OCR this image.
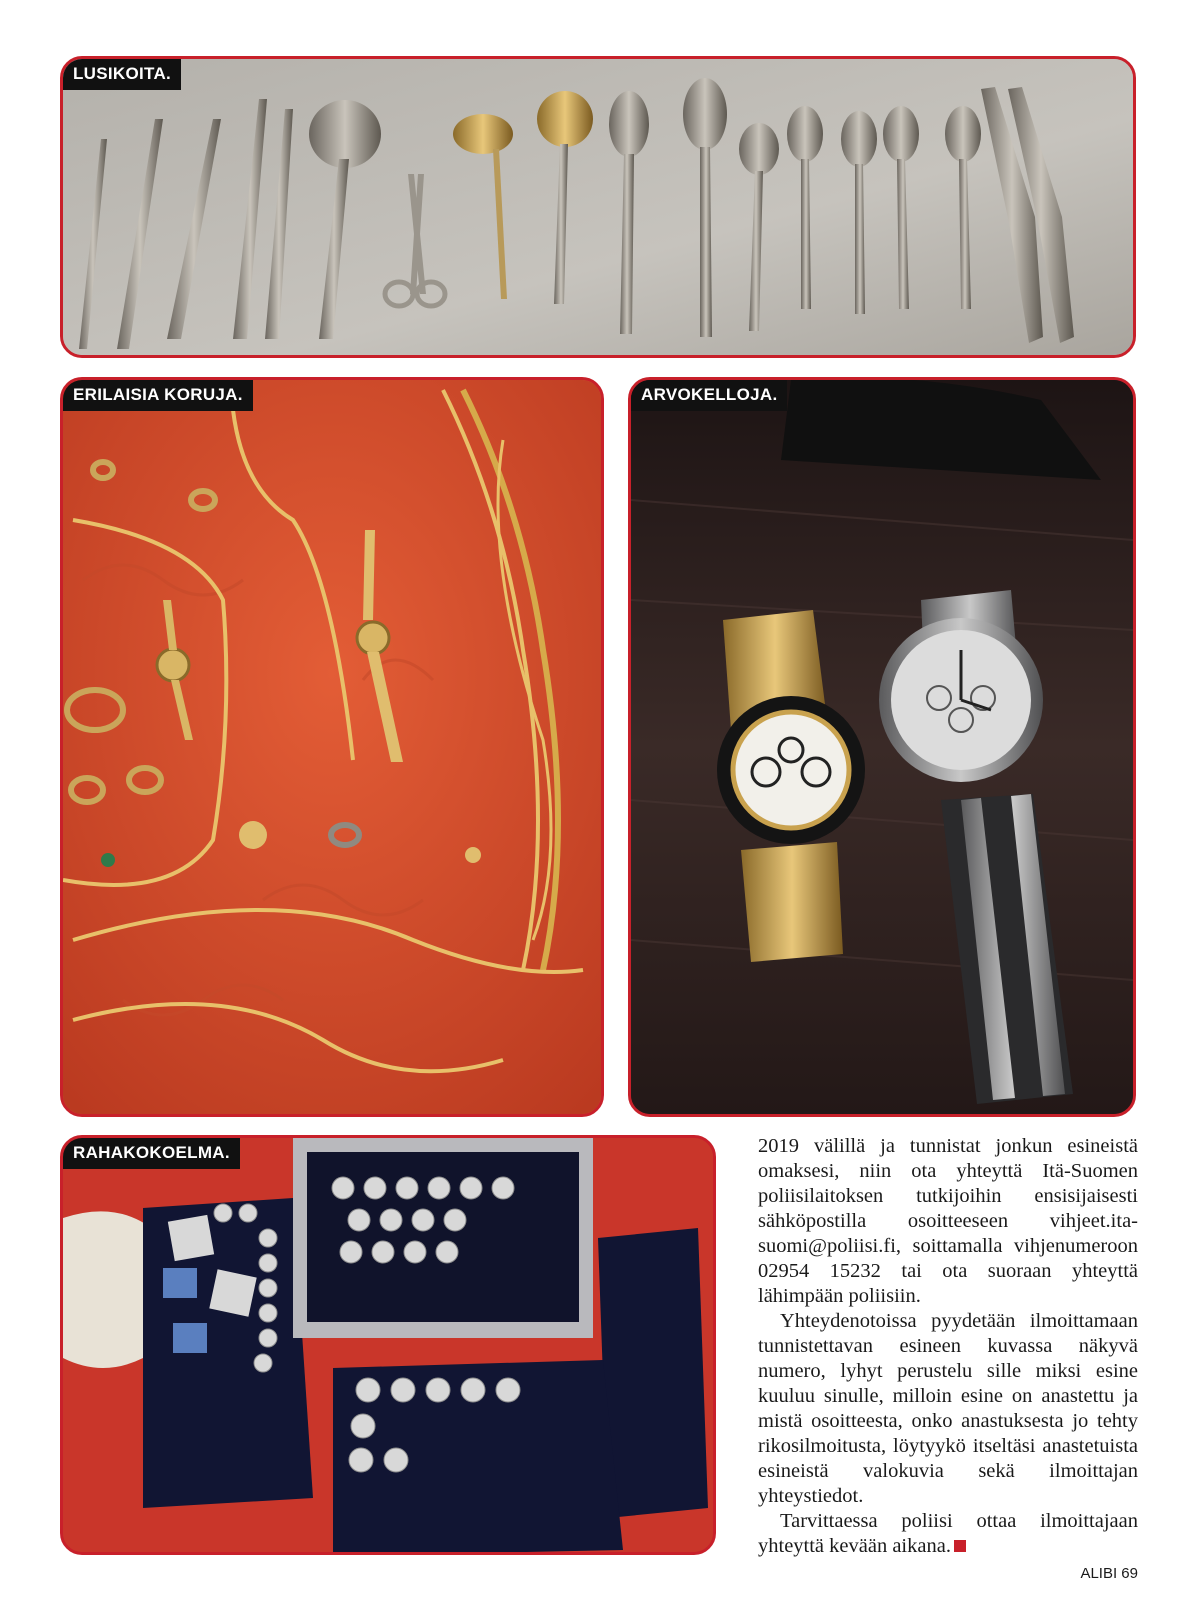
LUSIKOITA.
ERILAISIA KORUJA.	ARVOKELLOJA.
RAHAKOKOELMA.	2019 välillä ja tunnistat jonkun esineistä omaksesi, niin ota yhteyttä Itä-Suomen poliisilaitoksen tutkijoihin ensisijaisesti sähköpostilla osoitteeseen vihjeet.ita-suomi@poliisi.fi, soittamalla vihjenumeroon 02954 15232 tai ota suoraan yhteyttä lähimpään poliisiin.

Yhteydenotoissa pyydetään ilmoittamaan tunnistettavan esineen kuvassa näkyvä numero, lyhyt perustelu sille miksi esine kuuluu sinulle, milloin esine on anastettu ja mistä osoitteesta, onko anastuksesta jo tehty rikosilmoitusta, löytyykö itseltäsi anastetuista esineistä valokuvia sekä ilmoittajan yhteystiedot.

Tarvittaessa poliisi ottaa ilmoittajaan yhteyttä kevään aikana.

ALIBI 69
